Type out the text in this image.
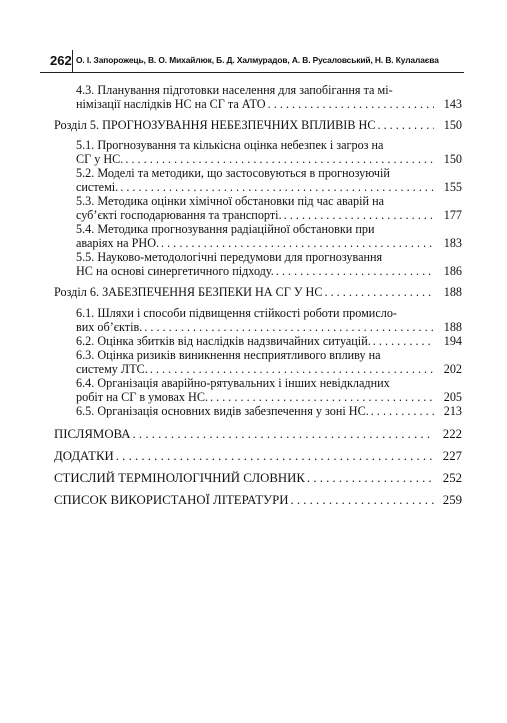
262 О. І. Запорожець, В. О. Михайлюк, Б. Д. Халмурадов, А. В. Русаловський, Н. В. Кулалаєва
4.3. Планування підготовки населення для запобігання та мі-
німізації наслідків НС на СГ та АТО . . .	143
Розділ 5. ПРОГНОЗУВАННЯ НЕБЕЗПЕЧНИХ ВПЛИВІВ НС . . .	150
5.1. Прогнозування та кількісна оцінка небезпек і загроз на
СГ у НС. . . .	150
5.2. Моделі та методики, що застосовуються в прогнозуючій
системі. . . .	155
5.3. Методика оцінки хімічної обстановки під час аварій на
суб’єкті господарювання та транспорті. . . .	177
5.4. Методика прогнозування радіаційної обстановки при
аваріях на РНО. . . .	183
5.5. Науково-методологічні передумови для прогнозування
НС на основі синергетичного підходу. . . .	186
Розділ 6. ЗАБЕЗПЕЧЕННЯ БЕЗПЕКИ НА СГ У НС . . .	188
6.1. Шляхи і способи підвищення стійкості роботи промисло-
вих об’єктів. . . .	188
6.2. Оцінка збитків від наслідків надзвичайних ситуацій. . . .	194
6.3. Оцінка ризиків виникнення несприятливого впливу на
систему ЛТС. . . .	202
6.4. Організація аварійно-рятувальних і інших невідкладних
робіт на СГ в умовах НС. . . .	205
6.5. Організація основних видів забезпечення у зоні НС. . . .	213
ПІСЛЯМОВА . . .	222
ДОДАТКИ . . .	227
СТИСЛИЙ ТЕРМІНОЛОГІЧНИЙ СЛОВНИК . . .	252
СПИСОК ВИКОРИСТАНОЇ ЛІТЕРАТУРИ . . .	259
